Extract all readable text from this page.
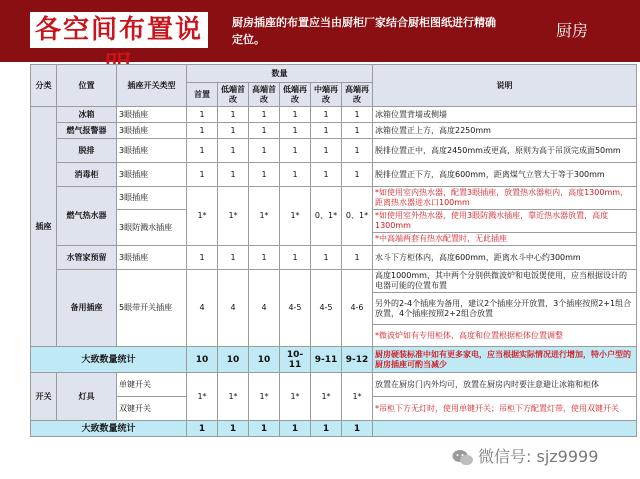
各空间布置说	厨房插座的布置应当由厨柜厂家结合厨柜图纸进行精确定位。	厨房
分类	位置	插座开关类型	数量						说明
			首置	低端首改	高端首改	低端再改	中端再改	高端再改	
插座	冰箱	3眼插座	1	1	1	1	1	1	冰箱位置背墙或侧墙
	燃气报警器	3眼插座	1	1	1	1	1	1	冰箱位置正上方，高度2250mm
	脱排	3眼插座	1	1	1	1	1	1	脱排位置正中，高度2450mm或更高，原则为高于吊顶完成面50mm
	消毒柜	3眼插座	1	1	1	1	1	1	脱排位置正下方，高度600mm，距离煤气立管大于等于300mm
	燃气热水器	3眼插座	1*	1*	1*	1*	0、1*	0、1*	*如使用室内热水器，配置3眼插座，放置热水器柜内，高度1300mm，距离热水器进水口100mm
		3眼防溅水插座							*如使用室外热水器，使用3眼防溅水插座，靠近热水器放置，高度1300mm
									*中高端两套有热水配置时，无此插座
	水管家预留	3眼插座	1	1	1	1	1	1	水斗下方柜体内，高度600mm，距离水斗中心约300mm
	备用插座	5眼带开关插座	4	4	4	4-5	4-5	4-6	高度1000mm，其中两个分别供微波炉和电饭煲使用，应当根据设计的电器可能的位置布置
									另外的2-4个插座为备用，建议2个插座分开放置，3个插座按照2+1组合放置，4个插座按照2+2组合放置
									*微波炉如有专用柜体，高度和位置根据柜体位置调整
大致数量统计			10	10	10	10-11	9-11	9-12	厨房硬装标准中如有更多家电，应当根据实际情况进行增加，特小户型的厨房插座可酌当减少
开关	灯具	单键开关	1*	1*	1*	1*	1*	1*	放置在厨房门内外均可，放置在厨房内时要注意避让冰箱和柜体
		双键开关							*吊柜下方无灯时，使用单键开关；吊柜下方配置灯带，使用双键开关
大致数量统计			1	1	1	1	1	1	
微信号: sjz9999
